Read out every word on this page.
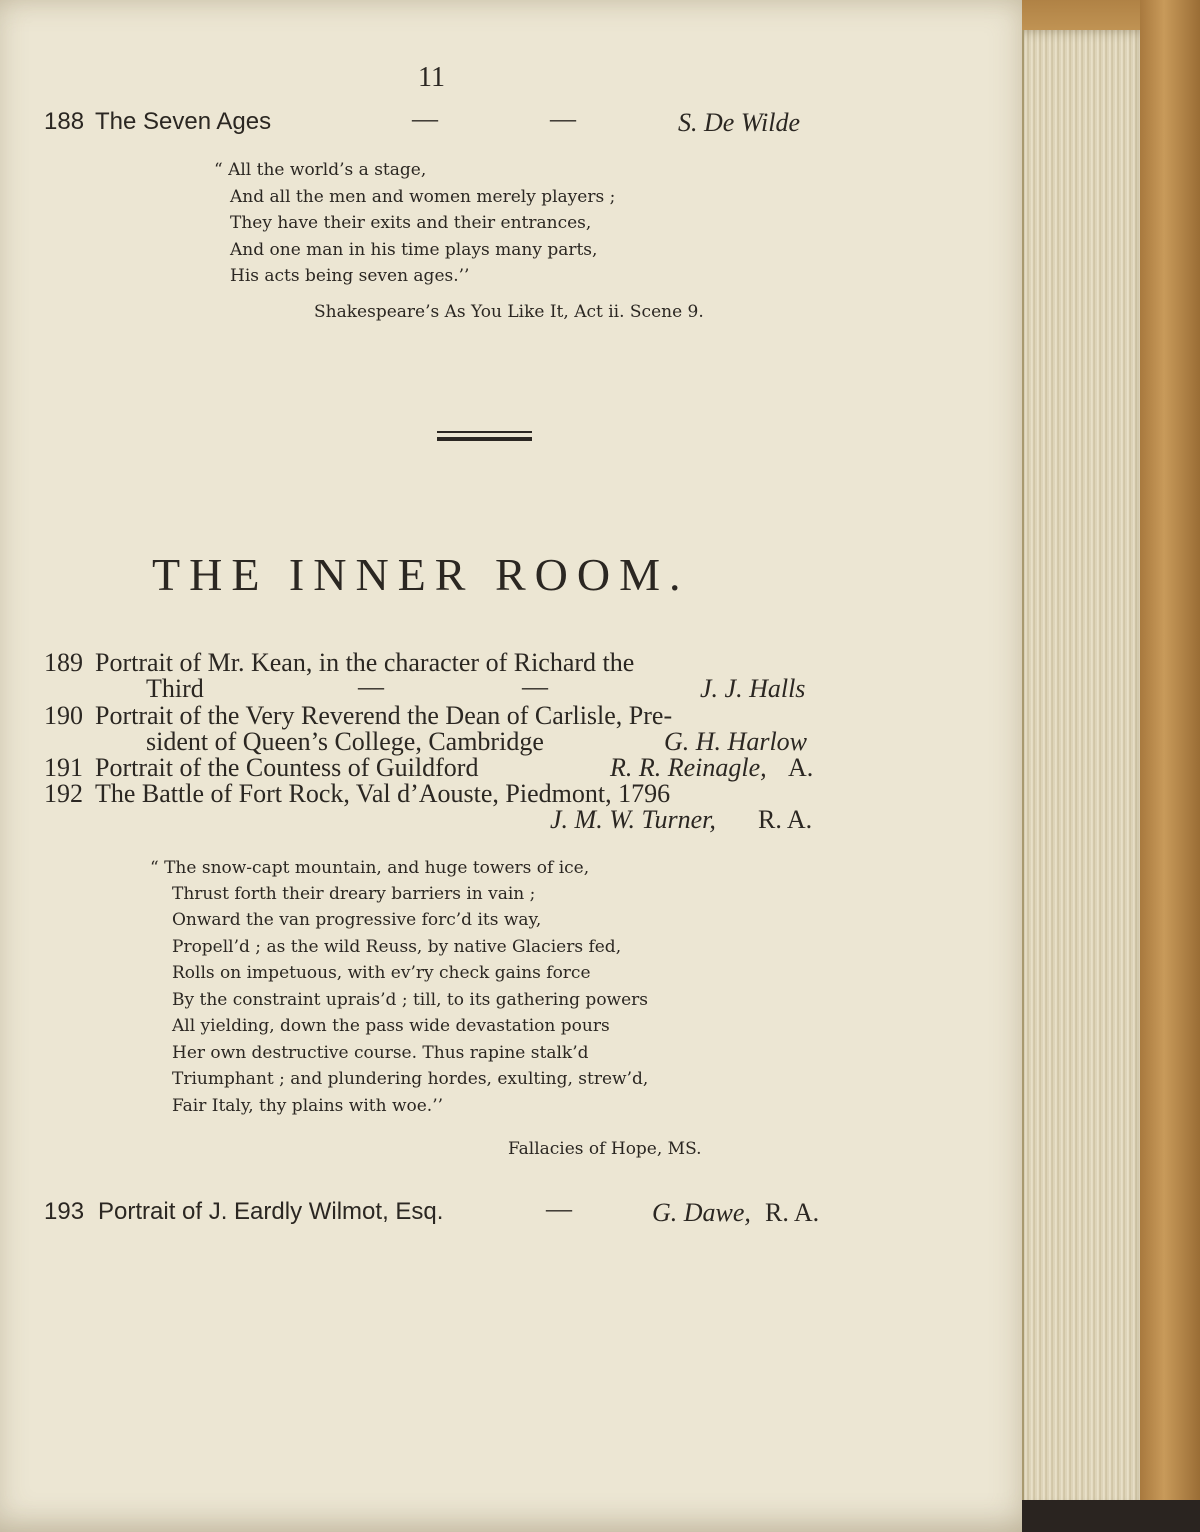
11
188 The Seven Ages	—	—	S. De Wilde
“ All the world’s a stage,
And all the men and women merely players ;
They have their exits and their entrances,
And one man in his time plays many parts,
His acts being seven ages.’’
Shakespeare’s As You Like It, Act ii. Scene 9.
THE INNER ROOM.
189 Portrait of Mr. Kean, in the character of Richard the
Third	—	—	J. J. Halls
190 Portrait of the Very Reverend the Dean of Carlisle, Pre-
sident of Queen’s College, Cambridge	G. H. Harlow
191 Portrait of the Countess of Guildford	R. R. Reinagle, A.
192 The Battle of Fort Rock, Val d’Aouste, Piedmont, 1796
J. M. W. Turner, R. A.
“ The snow-capt mountain, and huge towers of ice,
Thrust forth their dreary barriers in vain ;
Onward the van progressive forc’d its way,
Propell’d ; as the wild Reuss, by native Glaciers fed,
Rolls on impetuous, with ev’ry check gains force
By the constraint uprais’d ; till, to its gathering powers
All yielding, down the pass wide devastation pours
Her own destructive course. Thus rapine stalk’d
Triumphant ; and plundering hordes, exulting, strew’d,
Fair Italy, thy plains with woe.’’
Fallacies of Hope, MS.
193 Portrait of J. Eardly Wilmot, Esq.	—	G. Dawe, R. A.
